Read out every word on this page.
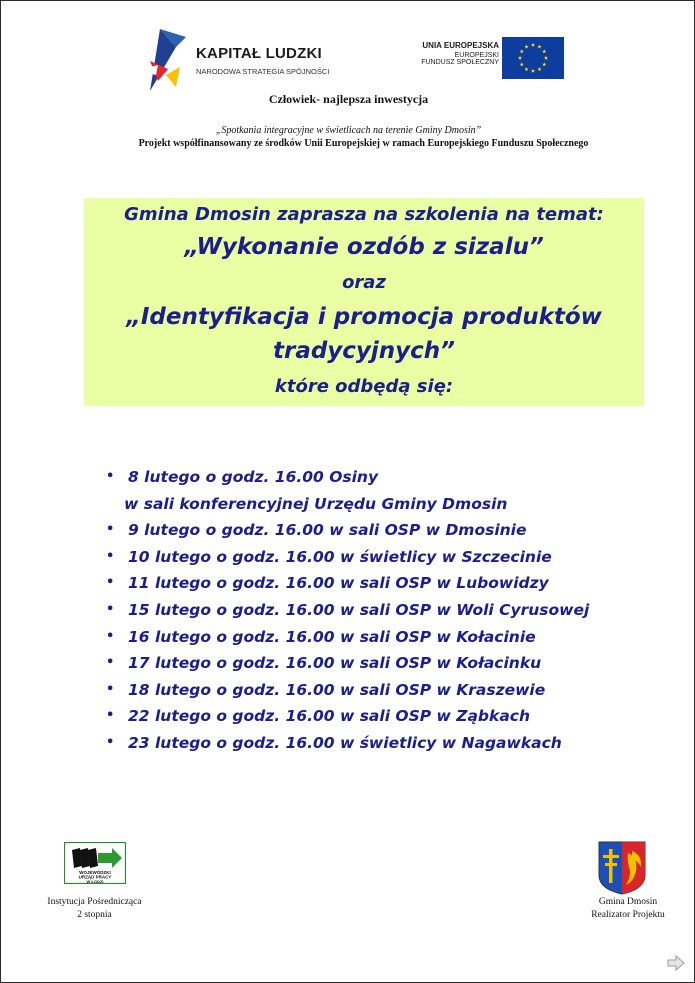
KAPITAŁ LUDZKI
NARODOWA STRATEGIA SPÓJNOŚCI
UNIA EUROPEJSKA
EUROPEJSKI
FUNDUSZ SPOŁECZNY
Człowiek- najlepsza inwestycja
„Spotkania integracyjne w świetlicach na terenie Gminy Dmosin”
Projekt współfinansowany ze środków Unii Europejskiej w ramach Europejskiego Funduszu Społecznego
Gmina Dmosin zaprasza na szkolenia na temat:
„Wykonanie ozdób z sizalu”
oraz
„Identyfikacja i promocja produktów
tradycyjnych”
które odbędą się:
• 8 lutego o godz. 16.00 Osiny
w sali konferencyjnej Urzędu Gminy Dmosin
• 9 lutego o godz. 16.00 w sali OSP w Dmosinie
• 10 lutego o godz. 16.00 w świetlicy w Szczecinie
• 11 lutego o godz. 16.00 w sali OSP w Lubowidzy
• 15 lutego o godz. 16.00 w sali OSP w Woli Cyrusowej
• 16 lutego o godz. 16.00 w sali OSP w Kołacinie
• 17 lutego o godz. 16.00 w sali OSP w Kołacinku
• 18 lutego o godz. 16.00 w sali OSP w Kraszewie
• 22 lutego o godz. 16.00 w sali OSP w Ząbkach
• 23 lutego o godz. 16.00 w świetlicy w Nagawkach
WOJEWÓDZKI
URZĄD PRACY
W ŁODZI
Instytucja Pośrednicząca
2 stopnia
Gmina Dmosin
Realizator Projektu
